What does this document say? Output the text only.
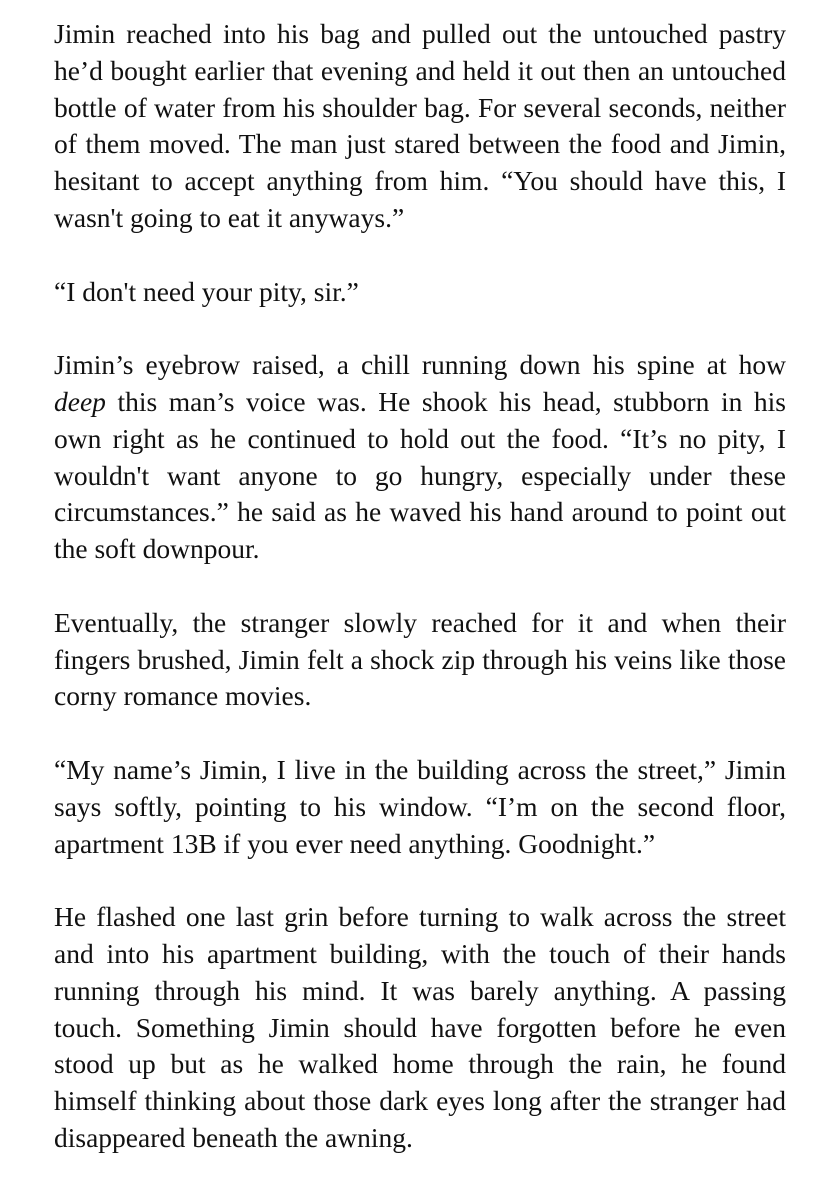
Jimin reached into his bag and pulled out the untouched pastry he’d bought earlier that evening and held it out then an untouched bottle of water from his shoulder bag. For several seconds, neither of them moved. The man just stared between the food and Jimin, hesitant to accept anything from him. “You should have this, I wasn't going to eat it anyways.”

“I don't need your pity, sir.”

Jimin’s eyebrow raised, a chill running down his spine at how deep this man’s voice was. He shook his head, stubborn in his own right as he continued to hold out the food. “It’s no pity, I wouldn't want anyone to go hungry, especially under these circumstances.” he said as he waved his hand around to point out the soft downpour.

Eventually, the stranger slowly reached for it and when their fingers brushed, Jimin felt a shock zip through his veins like those corny romance movies.

“My name’s Jimin, I live in the building across the street,” Jimin says softly, pointing to his window. “I’m on the second floor, apartment 13B if you ever need anything. Goodnight.”

He flashed one last grin before turning to walk across the street and into his apartment building, with the touch of their hands running through his mind. It was barely anything. A passing touch. Something Jimin should have forgotten before he even stood up but as he walked home through the rain, he found himself thinking about those dark eyes long after the stranger had disappeared beneath the awning.
